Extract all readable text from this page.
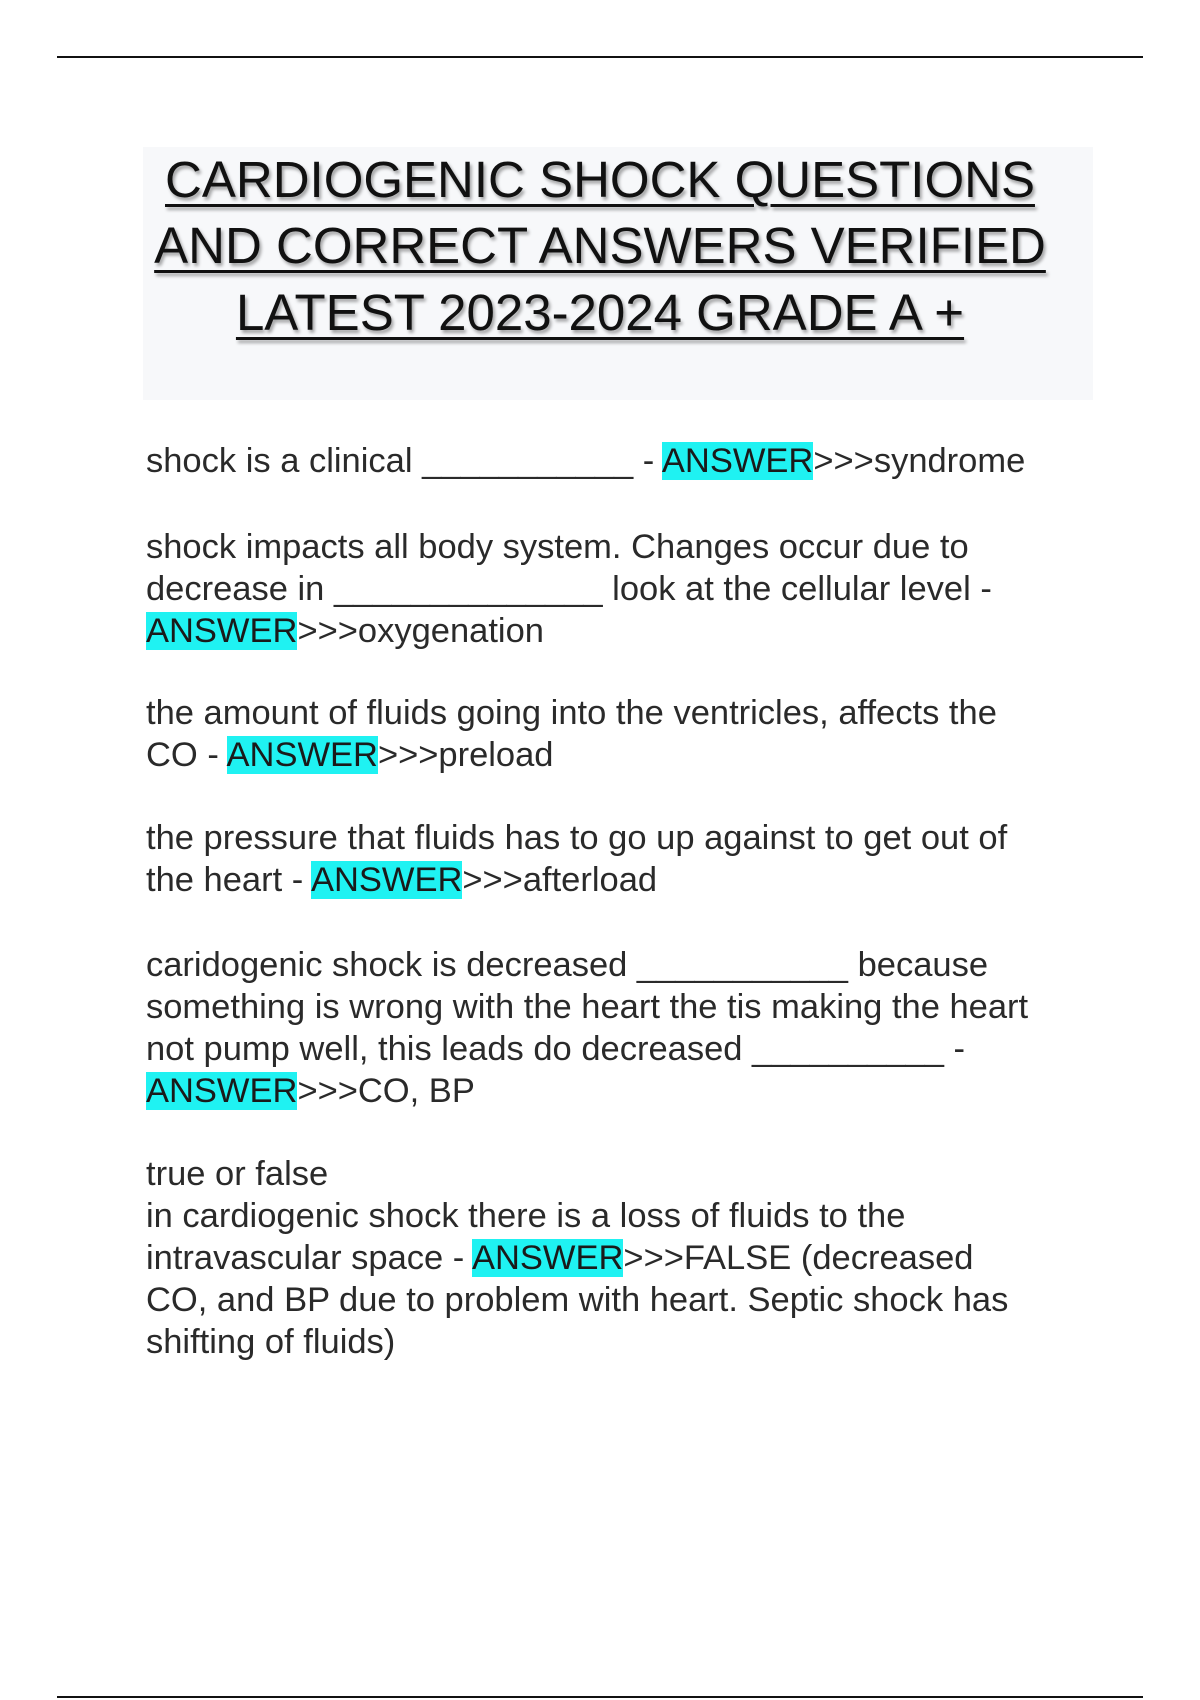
CARDIOGENIC SHOCK QUESTIONS
AND CORRECT ANSWERS VERIFIED
LATEST 2023-2024 GRADE A +
shock is a clinical ___________ - ANSWER>>>syndrome
shock impacts all body system. Changes occur due to
decrease in ______________ look at the cellular level -
ANSWER>>>oxygenation
the amount of fluids going into the ventricles, affects the
CO - ANSWER>>>preload
the pressure that fluids has to go up against to get out of
the heart - ANSWER>>>afterload
caridogenic shock is decreased ___________ because
something is wrong with the heart the tis making the heart
not pump well, this leads do decreased __________ -
ANSWER>>>CO, BP
true or false
in cardiogenic shock there is a loss of fluids to the
intravascular space - ANSWER>>>FALSE (decreased
CO, and BP due to problem with heart. Septic shock has
shifting of fluids)
